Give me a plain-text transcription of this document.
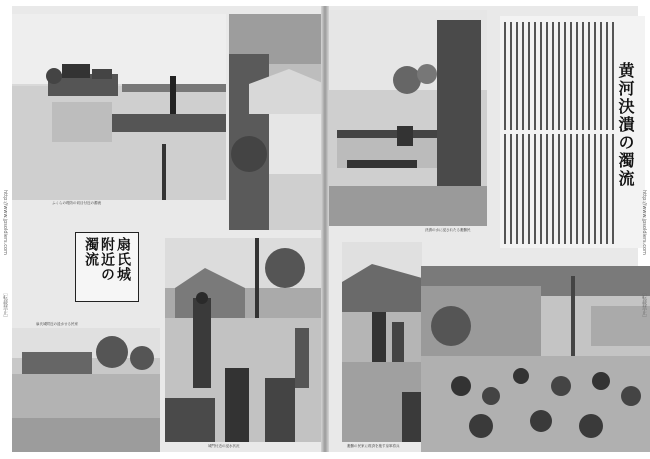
ふくらの堤防の切目付近の濁流
扇氏城
附近の
濁流
扇氏城附近の浸水せる民家
城門付近の浸水状況
決潰の水に浸されたる避難民
避難の民家に救済を施す皇軍将兵
黄河決潰の濁流
http://www.jpsoldiers.com
［転載禁止］
http://www.jpsoldiers.com
［転載禁止］
